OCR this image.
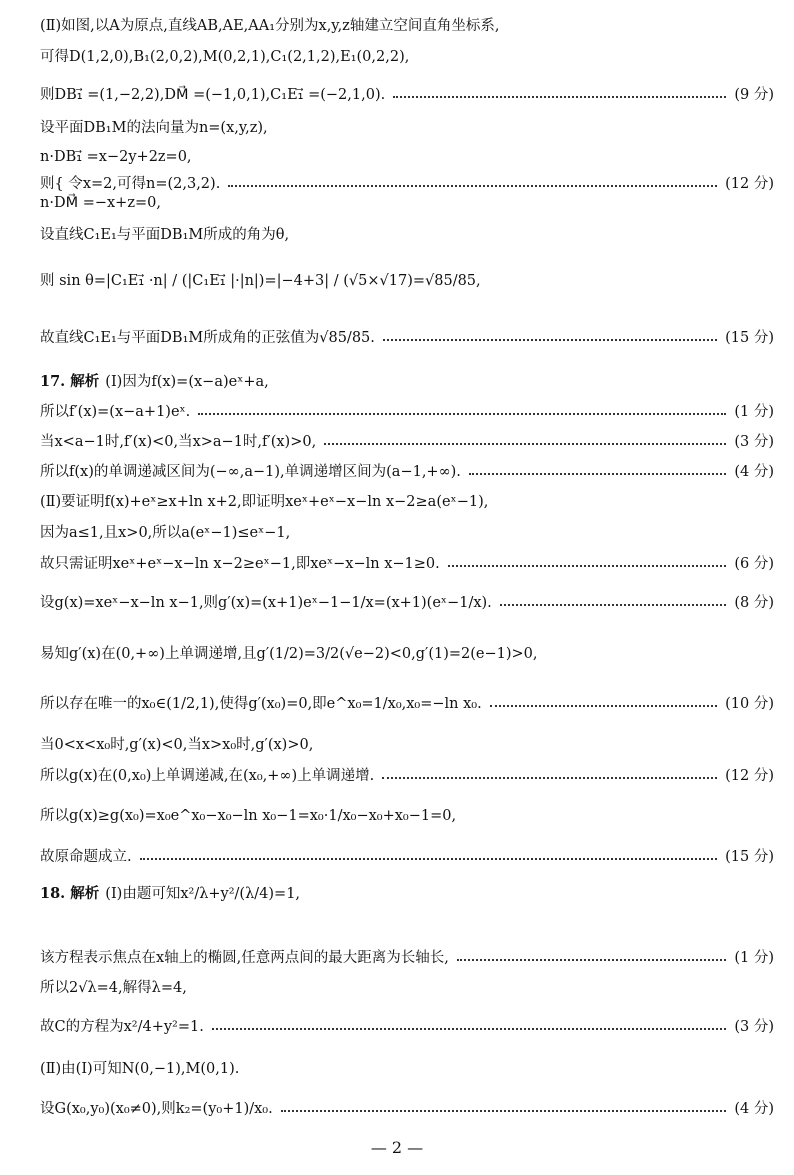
(Ⅱ)如图,以A为原点,直线AB,AE,AA₁分别为x,y,z轴建立空间直角坐标系,
可得D(1,2,0),B₁(2,0,2),M(0,2,1),C₁(2,1,2),E₁(0,2,2),
则DB₁⃗ =(1,−2,2),DM⃗ =(−1,0,1),C₁E₁⃗ =(−2,1,0).	(9 分)
设平面DB₁M的法向量为n=(x,y,z),
n·DB₁⃗ =x−2y+2z=0,
则{ 令x=2,可得n=(2,3,2).	(12 分)
n·DM⃗ =−x+z=0,
设直线C₁E₁与平面DB₁M所成的角为θ,
则 sin θ=|C₁E₁⃗ ·n| / (|C₁E₁⃗ |·|n|)=|−4+3| / (√5×√17)=√85/85,
故直线C₁E₁与平面DB₁M所成角的正弦值为√85/85.	(15 分)
17. 解析 (Ⅰ)因为f(x)=(x−a)eˣ+a,
所以f′(x)=(x−a+1)eˣ.	(1 分)
当x<a−1时,f′(x)<0,当x>a−1时,f′(x)>0,	(3 分)
所以f(x)的单调递减区间为(−∞,a−1),单调递增区间为(a−1,+∞).	(4 分)
(Ⅱ)要证明f(x)+eˣ≥x+ln x+2,即证明xeˣ+eˣ−x−ln x−2≥a(eˣ−1),
因为a≤1,且x>0,所以a(eˣ−1)≤eˣ−1,
故只需证明xeˣ+eˣ−x−ln x−2≥eˣ−1,即xeˣ−x−ln x−1≥0.	(6 分)
设g(x)=xeˣ−x−ln x−1,则g′(x)=(x+1)eˣ−1−1/x=(x+1)(eˣ−1/x).	(8 分)
易知g′(x)在(0,+∞)上单调递增,且g′(1/2)=3/2(√e−2)<0,g′(1)=2(e−1)>0,
所以存在唯一的x₀∈(1/2,1),使得g′(x₀)=0,即e^x₀=1/x₀,x₀=−ln x₀.	(10 分)
当0<x<x₀时,g′(x)<0,当x>x₀时,g′(x)>0,
所以g(x)在(0,x₀)上单调递减,在(x₀,+∞)上单调递增.	(12 分)
所以g(x)≥g(x₀)=x₀e^x₀−x₀−ln x₀−1=x₀·1/x₀−x₀+x₀−1=0,
故原命题成立.	(15 分)
18. 解析 (Ⅰ)由题可知x²/λ+y²/(λ/4)=1,
该方程表示焦点在x轴上的椭圆,任意两点间的最大距离为长轴长,	(1 分)
所以2√λ=4,解得λ=4,
故C的方程为x²/4+y²=1.	(3 分)
(Ⅱ)由(Ⅰ)可知N(0,−1),M(0,1).
设G(x₀,y₀)(x₀≠0),则k₂=(y₀+1)/x₀.	(4 分)
— 2 —
